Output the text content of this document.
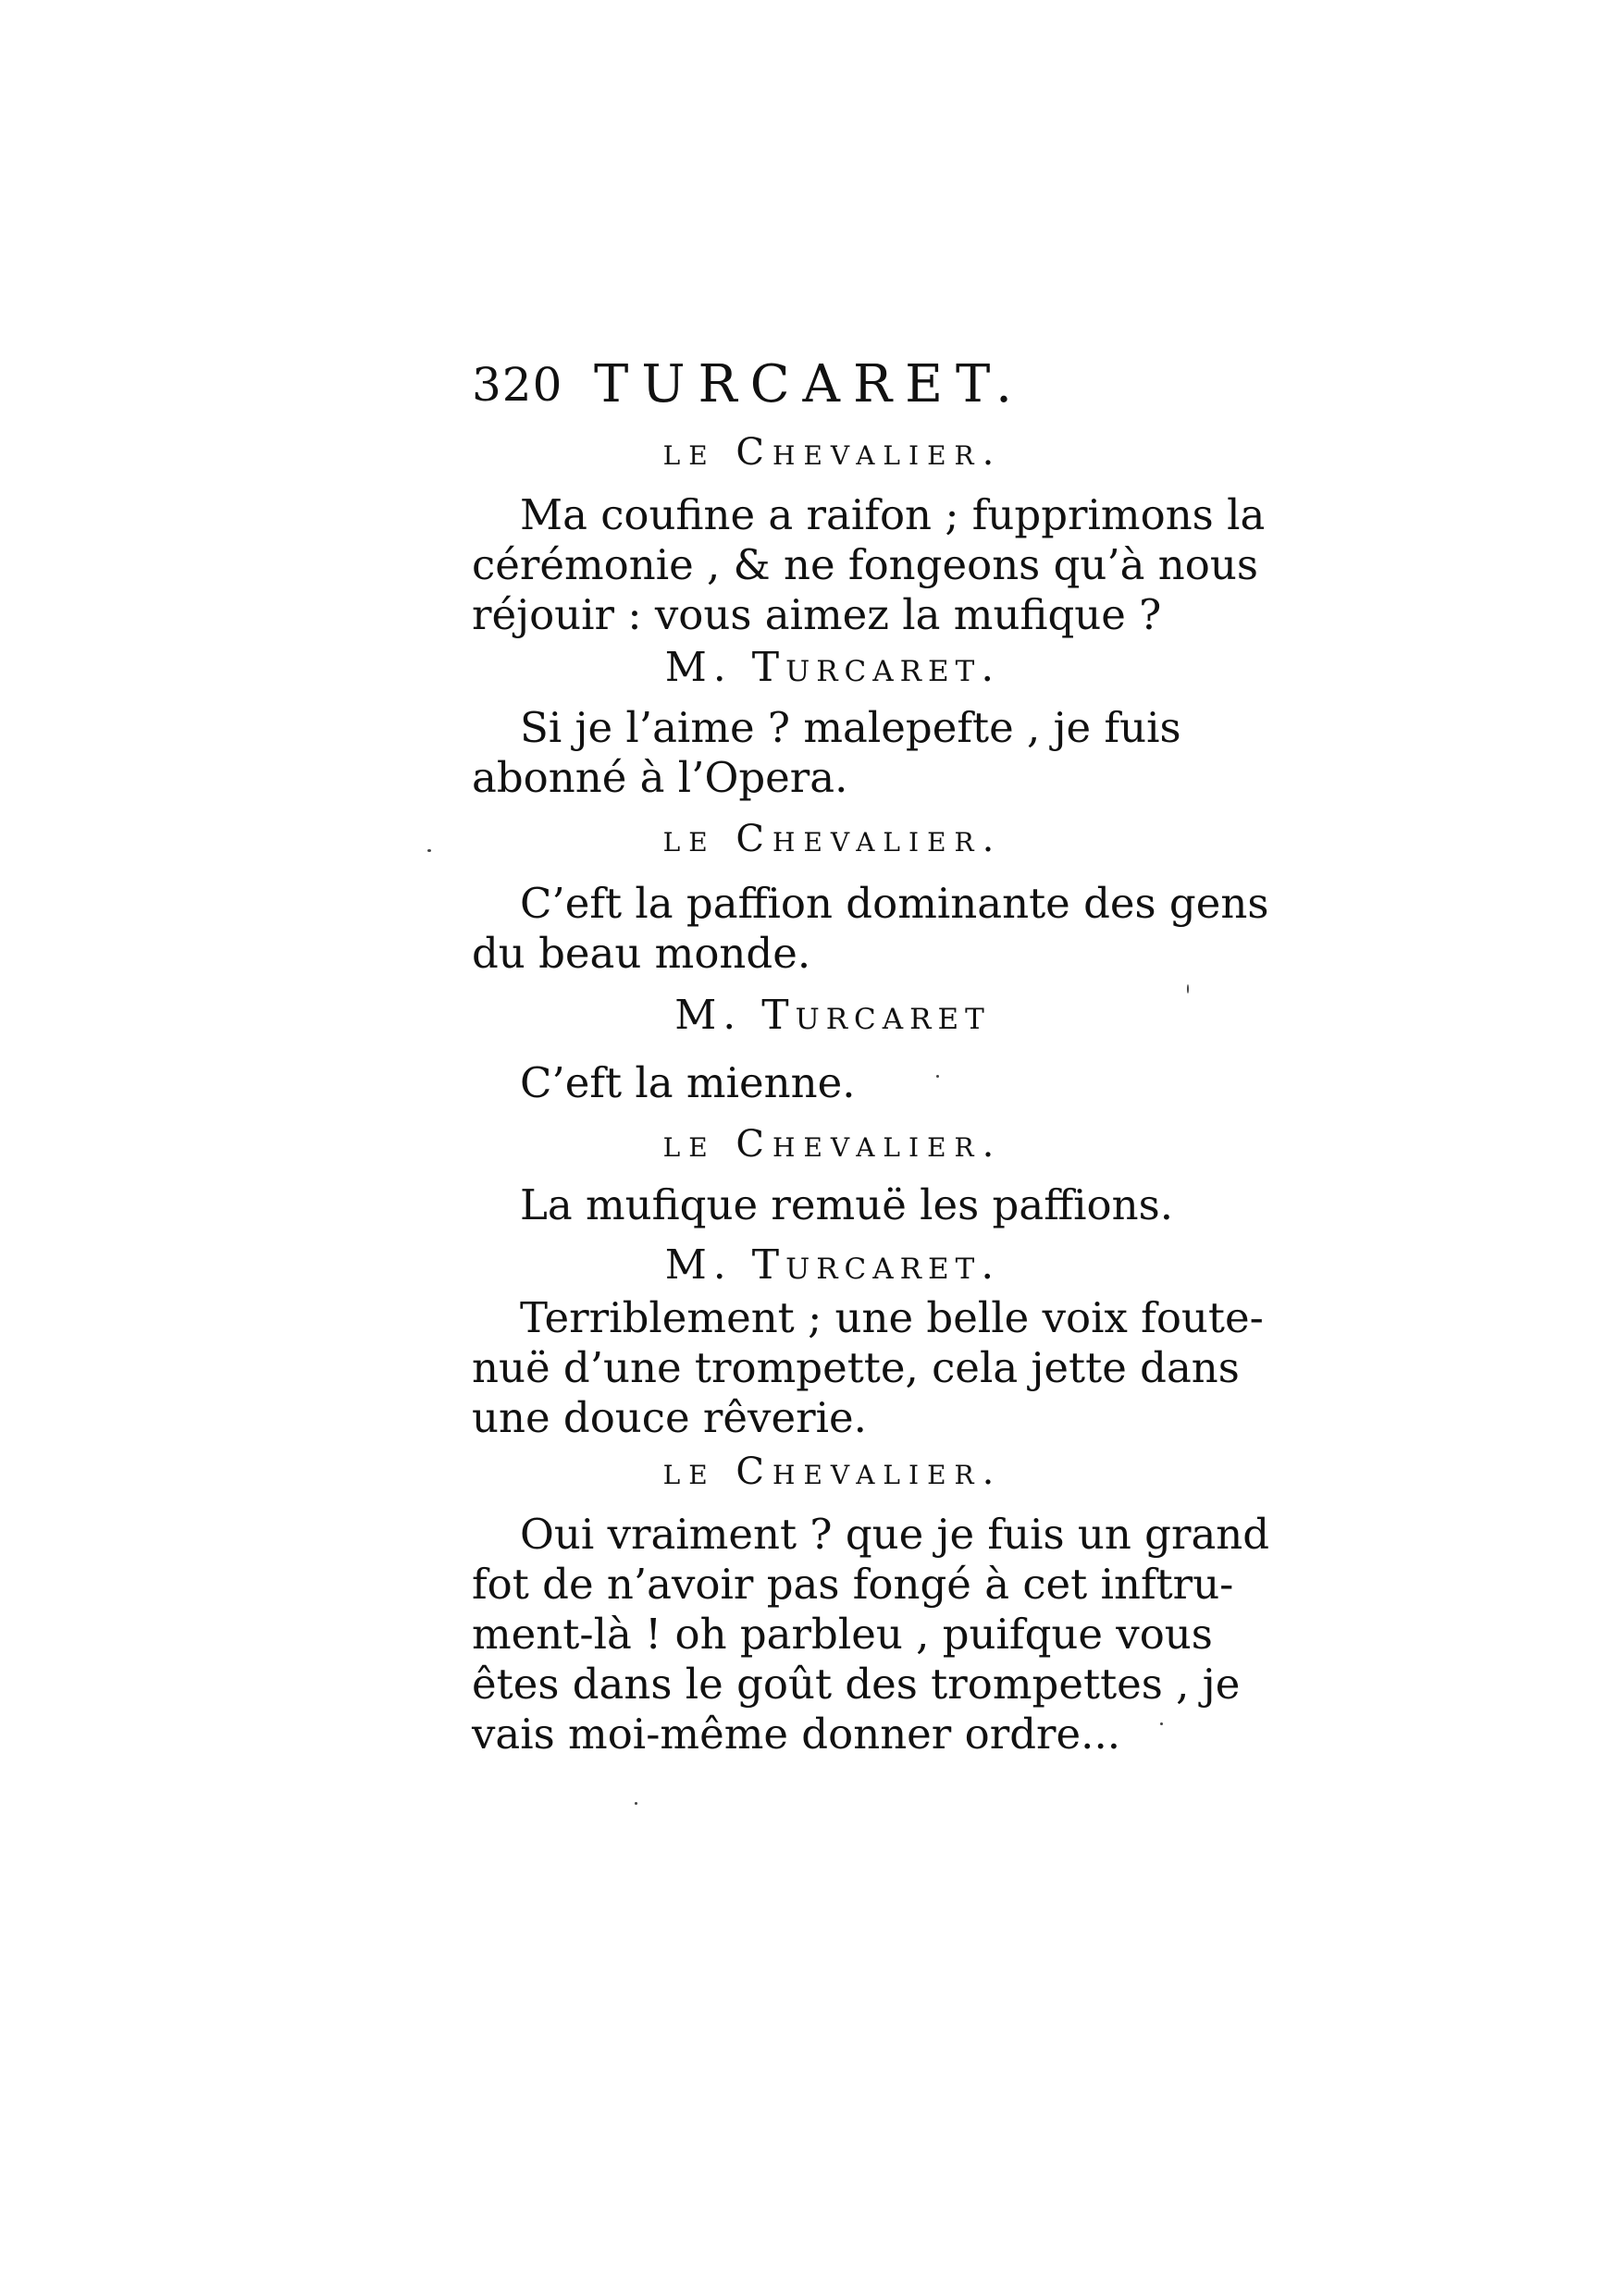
320 TURCARET.
le Chevalier.
Ma coufine a raifon ; fupprimons la
cérémonie , & ne fongeons qu’à nous
réjouir : vous aimez la mufique ?
M. Turcaret.
Si je l’aime ? malepefte , je fuis
abonné à l’Opera.
le Chevalier.
C’eft la paffion dominante des gens
du beau monde.
M. Turcaret
C’eft la mienne.
le Chevalier.
La mufique remuë les paffions.
M. Turcaret.
Terriblement ; une belle voix foute-
nuë d’une trompette, cela jette dans
une douce rêverie.
le Chevalier.
Oui vraiment ? que je fuis un grand
fot de n’avoir pas fongé à cet inftru-
ment-là ! oh parbleu , puifque vous
êtes dans le goût des trompettes , je
vais moi-même donner ordre...
